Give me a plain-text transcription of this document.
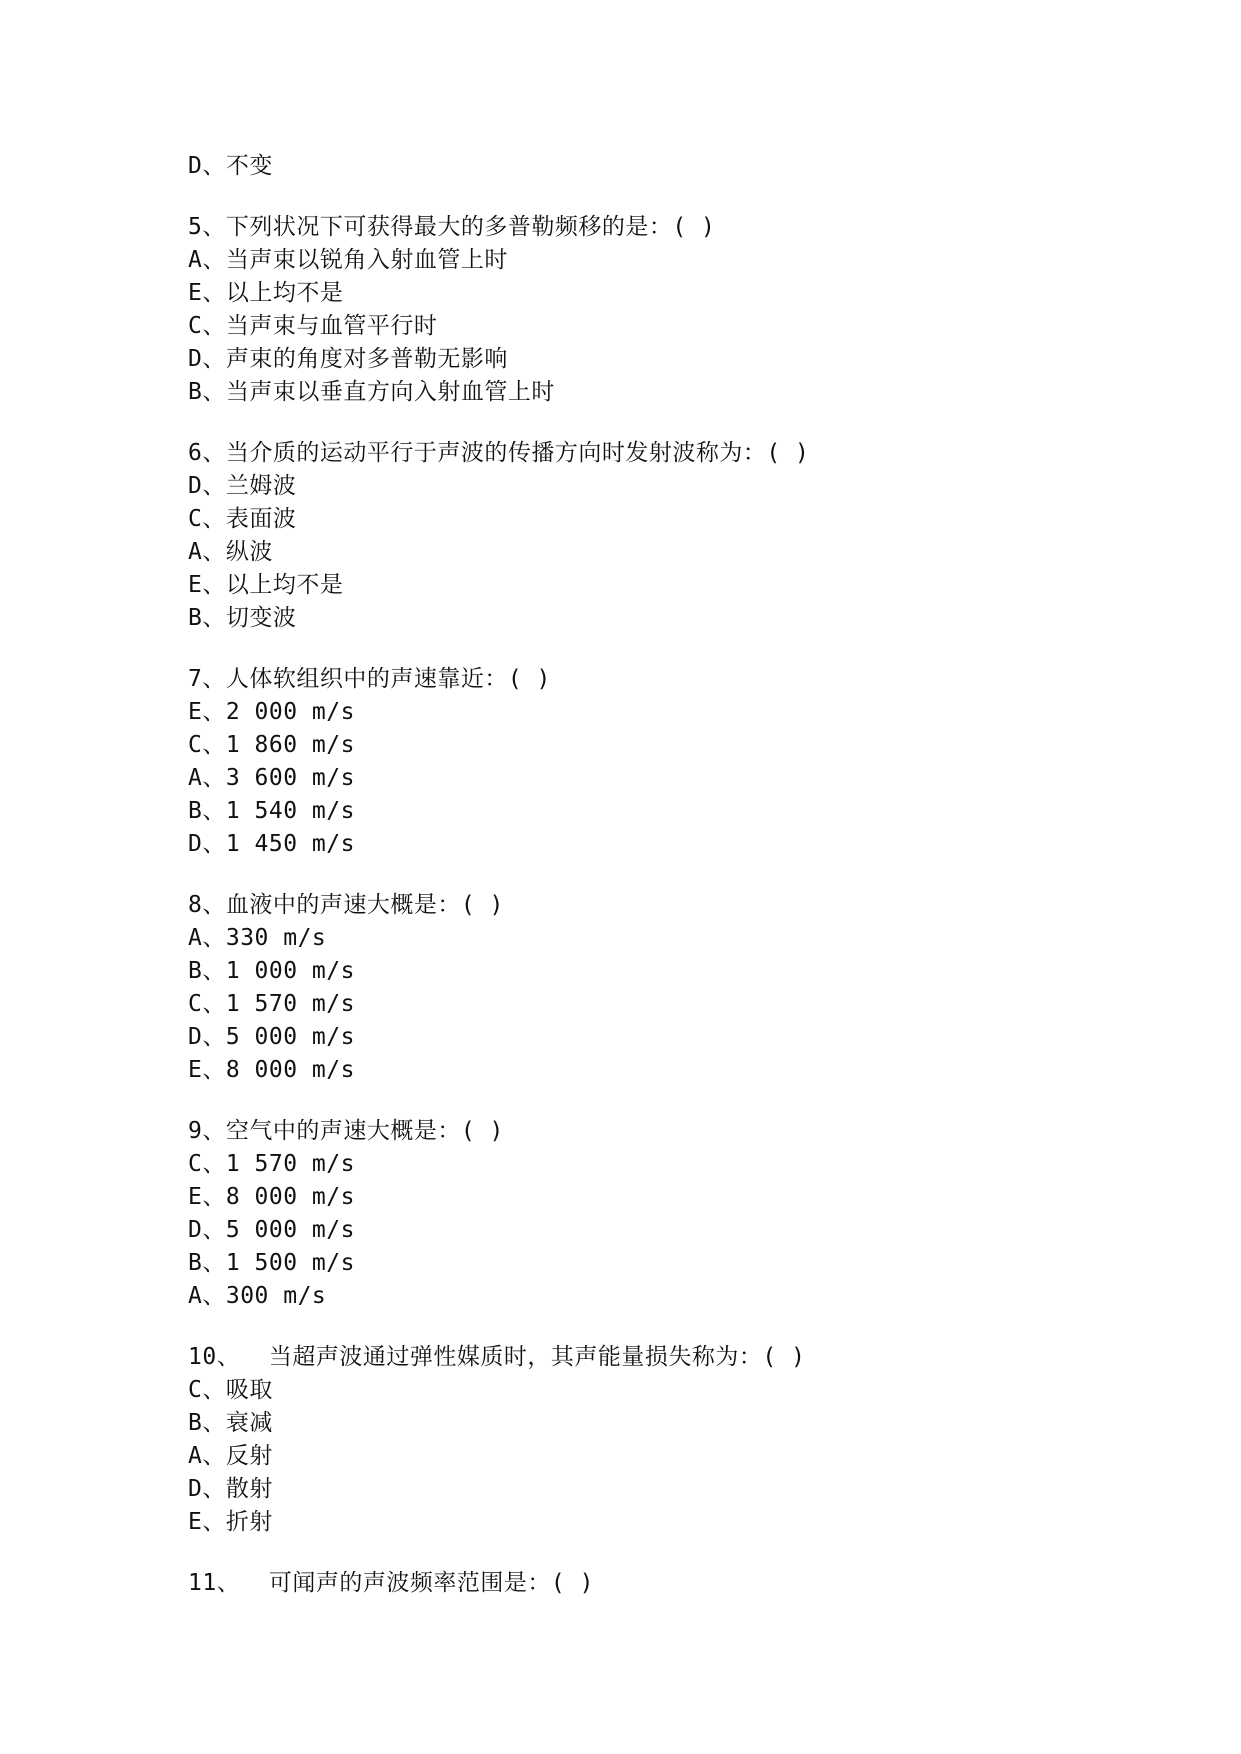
D、不变
5、下列状况下可获得最大的多普勒频移的是：( )
A、当声束以锐角入射血管上时
E、以上均不是
C、当声束与血管平行时
D、声束的角度对多普勒无影响
B、当声束以垂直方向入射血管上时
6、当介质的运动平行于声波的传播方向时发射波称为：( )
D、兰姆波
C、表面波
A、纵波
E、以上均不是
B、切变波
7、人体软组织中的声速靠近：( )
E、2 000 m/s
C、1 860 m/s
A、3 600 m/s
B、1 540 m/s
D、1 450 m/s
8、血液中的声速大概是：( )
A、330 m/s
B、1 000 m/s
C、1 570 m/s
D、5 000 m/s
E、8 000 m/s
9、空气中的声速大概是：( )
C、1 570 m/s
E、8 000 m/s
D、5 000 m/s
B、1 500 m/s
A、300 m/s
10、  当超声波通过弹性媒质时，其声能量损失称为：( )
C、吸取
B、衰减
A、反射
D、散射
E、折射
11、  可闻声的声波频率范围是：( )
